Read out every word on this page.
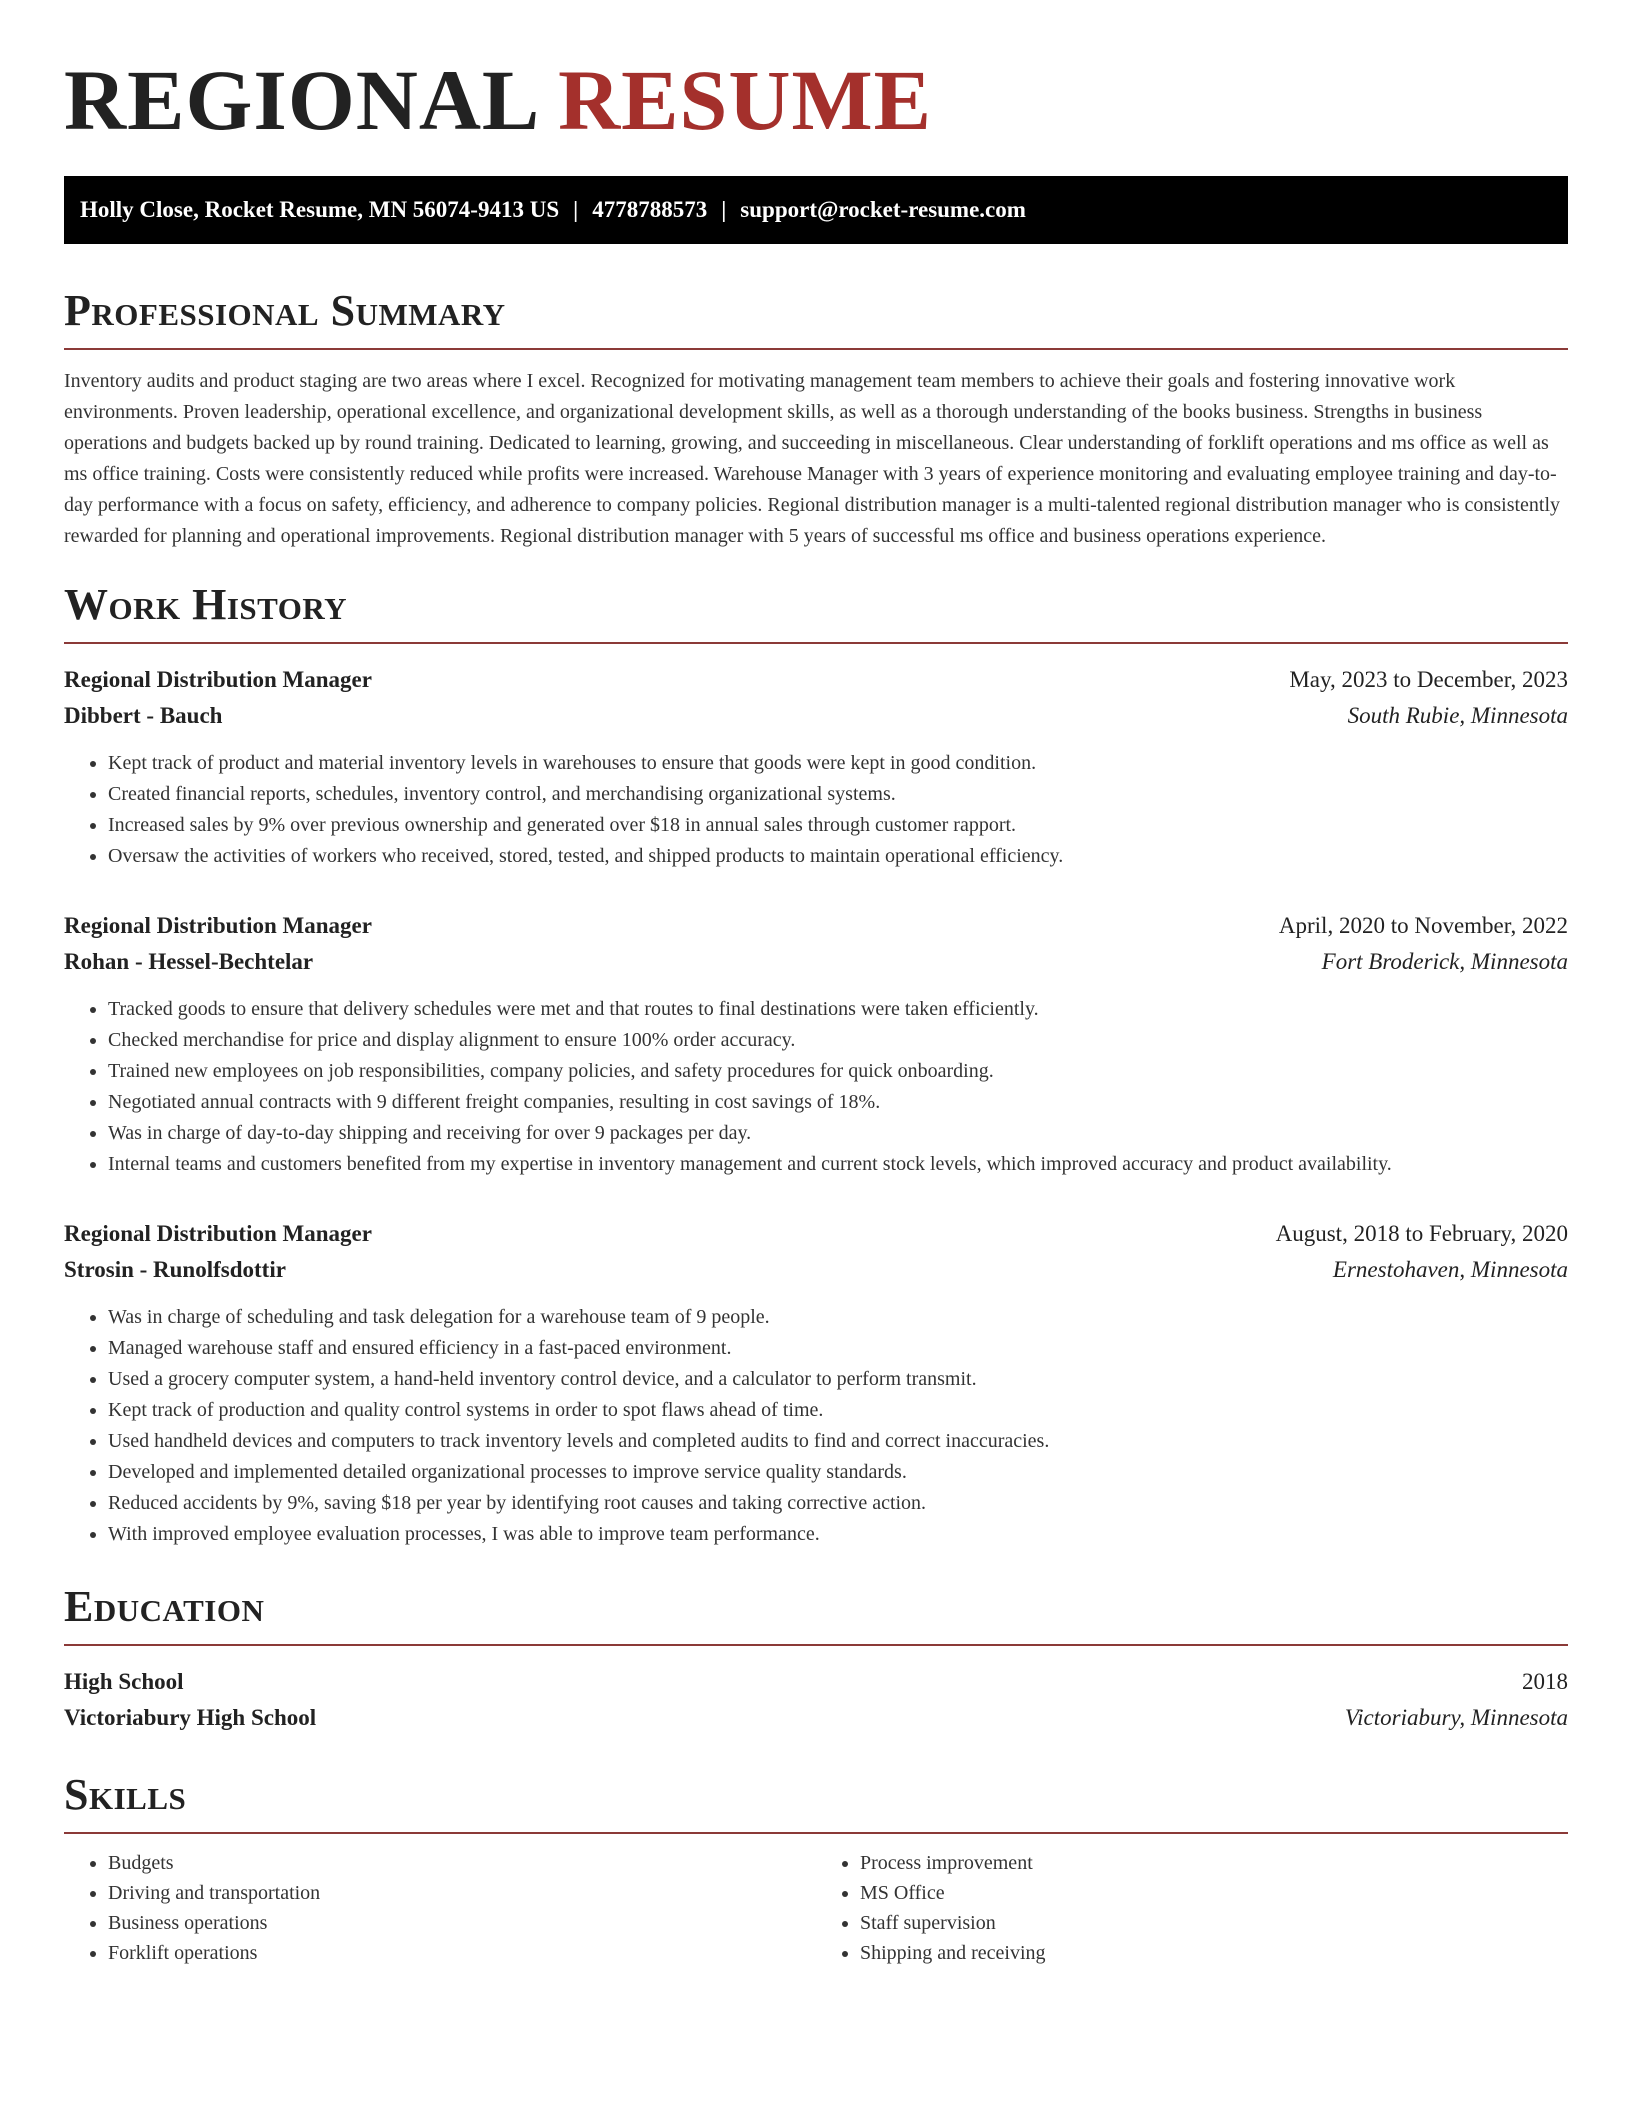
REGIONAL RESUME
Holly Close, Rocket Resume, MN 56074-9413 US | 4778788573 | support@rocket-resume.com
Professional Summary

Inventory audits and product staging are two areas where I excel. Recognized for motivating management team members to achieve their goals and fostering innovative work environments. Proven leadership, operational excellence, and organizational development skills, as well as a thorough understanding of the books business. Strengths in business operations and budgets backed up by round training. Dedicated to learning, growing, and succeeding in miscellaneous. Clear understanding of forklift operations and ms office as well as ms office training. Costs were consistently reduced while profits were increased. Warehouse Manager with 3 years of experience monitoring and evaluating employee training and day-to-day performance with a focus on safety, efficiency, and adherence to company policies. Regional distribution manager is a multi-talented regional distribution manager who is consistently rewarded for planning and operational improvements. Regional distribution manager with 5 years of successful ms office and business operations experience.

Work History
Regional Distribution Manager	May, 2023 to December, 2023
Dibbert - Bauch	South Rubie, Minnesota
• Kept track of product and material inventory levels in warehouses to ensure that goods were kept in good condition.
• Created financial reports, schedules, inventory control, and merchandising organizational systems.
• Increased sales by 9% over previous ownership and generated over $18 in annual sales through customer rapport.
• Oversaw the activities of workers who received, stored, tested, and shipped products to maintain operational efficiency.
Regional Distribution Manager	April, 2020 to November, 2022
Rohan - Hessel-Bechtelar	Fort Broderick, Minnesota
• Tracked goods to ensure that delivery schedules were met and that routes to final destinations were taken efficiently.
• Checked merchandise for price and display alignment to ensure 100% order accuracy.
• Trained new employees on job responsibilities, company policies, and safety procedures for quick onboarding.
• Negotiated annual contracts with 9 different freight companies, resulting in cost savings of 18%.
• Was in charge of day-to-day shipping and receiving for over 9 packages per day.
• Internal teams and customers benefited from my expertise in inventory management and current stock levels, which improved accuracy and product availability.
Regional Distribution Manager	August, 2018 to February, 2020
Strosin - Runolfsdottir	Ernestohaven, Minnesota
• Was in charge of scheduling and task delegation for a warehouse team of 9 people.
• Managed warehouse staff and ensured efficiency in a fast-paced environment.
• Used a grocery computer system, a hand-held inventory control device, and a calculator to perform transmit.
• Kept track of production and quality control systems in order to spot flaws ahead of time.
• Used handheld devices and computers to track inventory levels and completed audits to find and correct inaccuracies.
• Developed and implemented detailed organizational processes to improve service quality standards.
• Reduced accidents by 9%, saving $18 per year by identifying root causes and taking corrective action.
• With improved employee evaluation processes, I was able to improve team performance.
Education
High School	2018
Victoriabury High School	Victoriabury, Minnesota
Skills
• Budgets
• Driving and transportation
• Business operations
• Forklift operations
• Process improvement
• MS Office
• Staff supervision
• Shipping and receiving
